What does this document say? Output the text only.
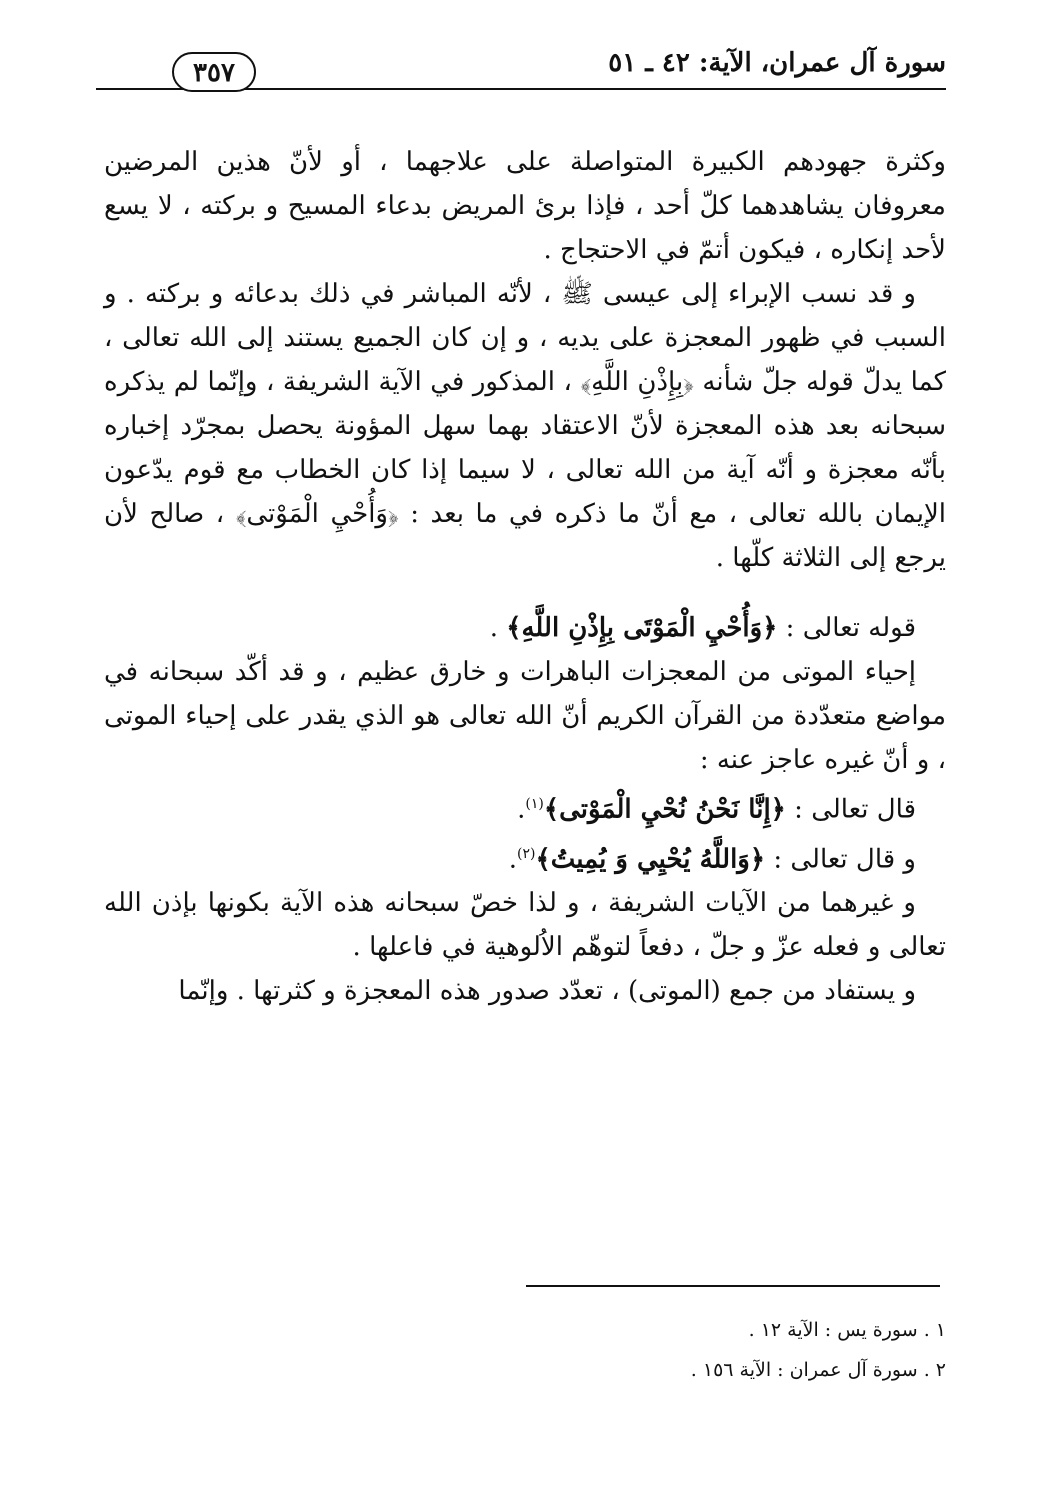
سورة آل عمران، الآية: ٤٢ ـ ٥١
٣٥٧

وكثرة جهودهم الكبيرة المتواصلة على علاجهما ، أو لأنّ هذين المرضين معروفان يشاهدهما كلّ أحد ، فإذا برئ المريض بدعاء المسيح و بركته ، لا يسع لأحد إنكاره ، فيكون أتمّ في الاحتجاج .

و قد نسب الإبراء إلى عيسى ﷺ ، لأنّه المباشر في ذلك بدعائه و بركته . و السبب في ظهور المعجزة على يديه ، و إن كان الجميع يستند إلى الله تعالى ، كما يدلّ قوله جلّ شأنه ﴿بِإِذْنِ اللَّهِ﴾ ، المذكور في الآية الشريفة ، وإنّما لم يذكره سبحانه بعد هذه المعجزة لأنّ الاعتقاد بهما سهل المؤونة يحصل بمجرّد إخباره بأنّه معجزة و أنّه آية من الله تعالى ، لا سيما إذا كان الخطاب مع قوم يدّعون الإيمان بالله تعالى ، مع أنّ ما ذكره في ما بعد : ﴿وَأُحْيِ الْمَوْتى﴾ ، صالح لأن يرجع إلى الثلاثة كلّها .

قوله تعالى : ﴿وَأُحْيِ الْمَوْتَى بِإِذْنِ اللَّهِ﴾ .

إحياء الموتى من المعجزات الباهرات و خارق عظيم ، و قد أكّد سبحانه في مواضع متعدّدة من القرآن الكريم أنّ الله تعالى هو الذي يقدر على إحياء الموتى ، و أنّ غيره عاجز عنه :

قال تعالى : ﴿إِنَّا نَحْنُ نُحْيِ الْمَوْتى﴾$^{(١)}$.

و قال تعالى : ﴿وَاللَّهُ يُحْيِي وَ يُمِيتُ﴾$^{(٢)}$.

و غيرهما من الآيات الشريفة ، و لذا خصّ سبحانه هذه الآية بكونها بإذن الله تعالى و فعله عزّ و جلّ ، دفعاً لتوهّم الاُلوهية في فاعلها .

و يستفاد من جمع (الموتى) ، تعدّد صدور هذه المعجزة و كثرتها . وإنّما

١ . سورة يس : الآية ١٢ .

٢ . سورة آل عمران : الآية ١٥٦ .
